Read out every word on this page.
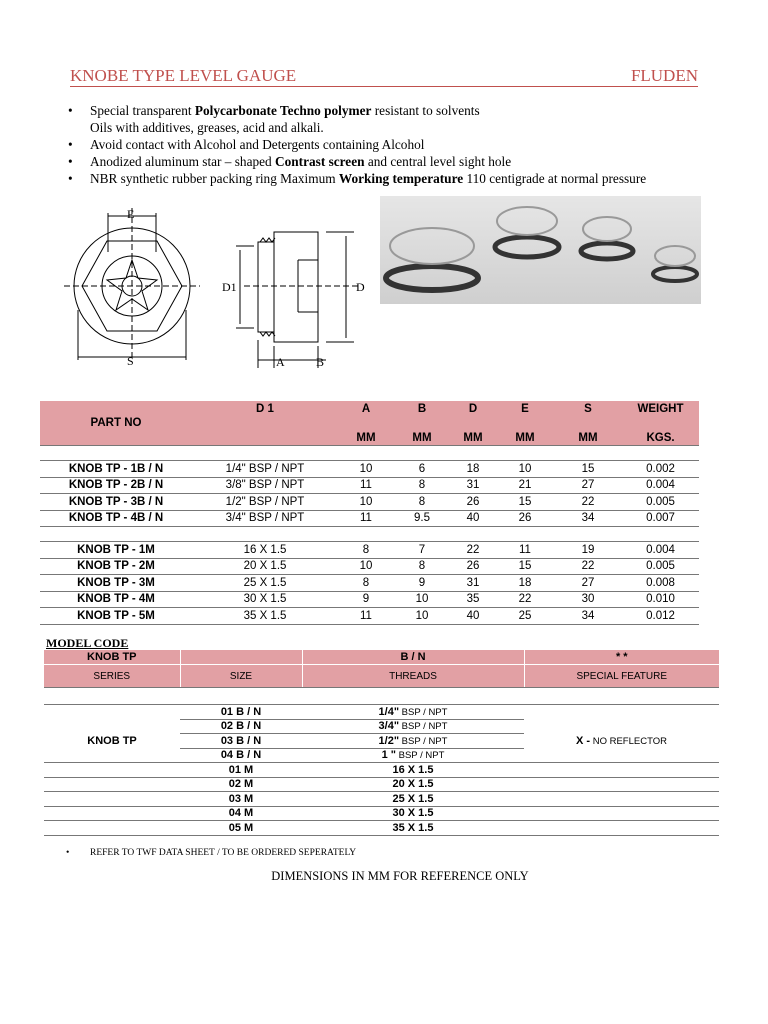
KNOBE TYPE LEVEL GAUGE	FLUDEN
• Special transparent Polycarbonate Techno polymer resistant to solvents
Oils with additives, greases, acid and alkali.
• Avoid contact with Alcohol and Detergents containing Alcohol
• Anodized aluminum star – shaped Contrast screen and central level sight hole
• NBR synthetic rubber packing ring Maximum Working temperature 110 centigrade at normal pressure
E
S
D1	D
A	B
PART NO	D 1	A	B	D	E	S	WEIGHT

		MM	MM	MM	MM	MM	KGS.

KNOB TP - 1B / N	1/4" BSP / NPT	10	6	18	10	15	0.002
KNOB TP - 2B / N	3/8" BSP / NPT	11	8	31	21	27	0.004
KNOB TP - 3B / N	1/2" BSP / NPT	10	8	26	15	22	0.005
KNOB TP - 4B / N	3/4" BSP / NPT	11	9.5	40	26	34	0.007

KNOB TP - 1M	16 X 1.5	8	7	22	11	19	0.004
KNOB TP - 2M	20 X 1.5	10	8	26	15	22	0.005
KNOB TP - 3M	25 X 1.5	8	9	31	18	27	0.008
KNOB TP - 4M	30 X 1.5	9	10	35	22	30	0.010
KNOB TP - 5M	35 X 1.5	11	10	40	25	34	0.012
MODEL CODE
KNOB TP		B / N	* *
SERIES	SIZE	THREADS	SPECIAL FEATURE

	01 B / N	1/4" BSP / NPT	
	02 B / N	3/4" BSP / NPT	
KNOB TP	03 B / N	1/2" BSP / NPT	X - NO REFLECTOR
	04 B / N	1 " BSP / NPT	
	01 M	16 X 1.5	
	02 M	20 X 1.5	
	03 M	25 X 1.5	
	04 M	30 X 1.5	
	05 M	35 X 1.5	
• REFER TO TWF DATA SHEET / TO BE ORDERED SEPERATELY
DIMENSIONS IN MM FOR REFERENCE ONLY
